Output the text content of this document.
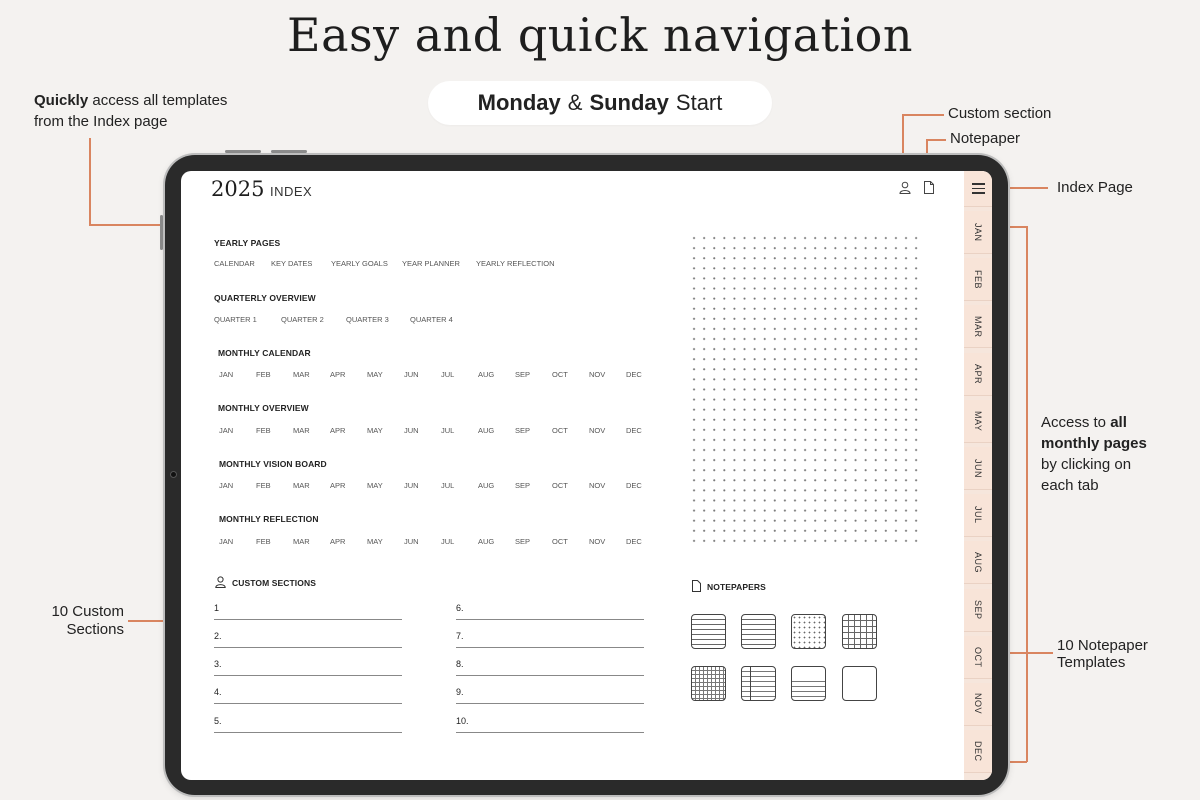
Easy and quick navigation
Monday & Sunday Start
Quickly access all templates
from the Index page	Custom section
Notepaper
Index Page
Access to all
monthly pages
by clicking on
each tab
10 Custom
Sections
10 Notepaper
Templates
2025 INDEX
YEARLY PAGES
CALENDAR KEY DATES YEARLY GOALS YEAR PLANNER YEARLY REFLECTION
QUARTERLY OVERVIEW
QUARTER 1	QUARTER 2	QUARTER 3	QUARTER 4
MONTHLY CALENDAR
JAN	FEB	MAR	APR	MAY	JUN	JUL	AUG	SEP	OCT	NOV	DEC
MONTHLY OVERVIEW
JAN	FEB	MAR	APR	MAY	JUN	JUL	AUG	SEP	OCT	NOV	DEC
MONTHLY VISION BOARD
JAN	FEB	MAR	APR	MAY	JUN	JUL	AUG	SEP	OCT	NOV	DEC
MONTHLY REFLECTION
JAN	FEB	MAR	APR	MAY	JUN	JUL	AUG	SEP	OCT	NOV	DEC
CUSTOM SECTIONS
1
2.
3.
4.
5.
6.
7.
8.
9.
10.
NOTEPAPERS
JAN
FEB
MAR
APR
MAY
JUN
JUL
AUG
SEP
OCT
NOV
DEC
